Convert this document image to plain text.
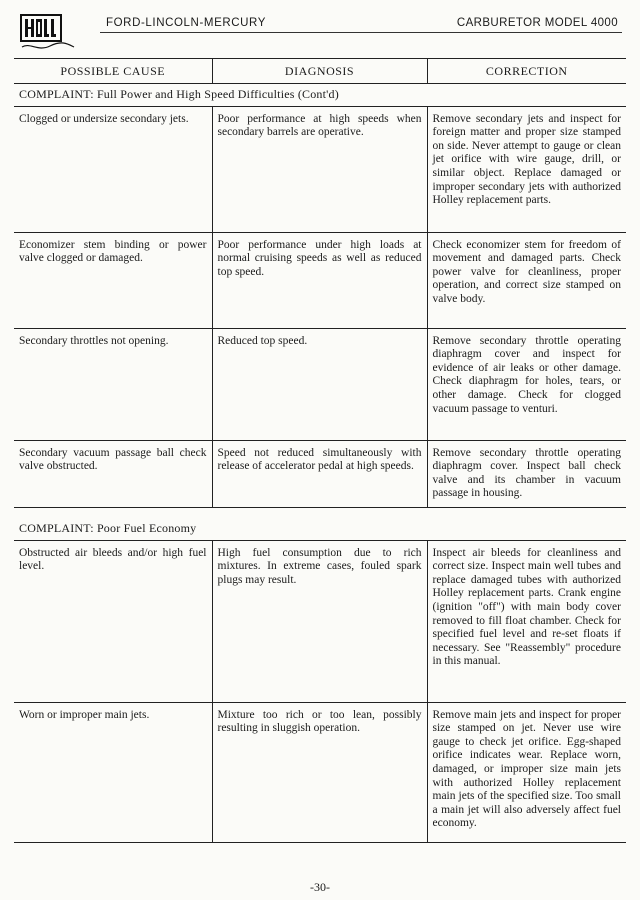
FORD-LINCOLN-MERCURY	CARBURETOR MODEL 4000
POSSIBLE CAUSE	DIAGNOSIS	CORRECTION
COMPLAINT: Full Power and High Speed Difficulties (Cont'd)		
Clogged or undersize secondary jets.	Poor performance at high speeds when secondary barrels are operative.	Remove secondary jets and inspect for foreign matter and proper size stamped on side. Never attempt to gauge or clean jet orifice with wire gauge, drill, or similar object. Replace damaged or improper secondary jets with authorized Holley replacement parts.
Economizer stem binding or power valve clogged or damaged.	Poor performance under high loads at normal cruising speeds as well as reduced top speed.	Check economizer stem for freedom of movement and damaged parts. Check power valve for cleanliness, proper operation, and correct size stamped on valve body.
Secondary throttles not opening.	Reduced top speed.	Remove secondary throttle operating diaphragm cover and inspect for evidence of air leaks or other damage. Check diaphragm for holes, tears, or other damage. Check for clogged vacuum passage to venturi.
Secondary vacuum passage ball check valve obstructed.	Speed not reduced simultaneously with release of accelerator pedal at high speeds.	Remove secondary throttle operating diaphragm cover. Inspect ball check valve and its chamber in vacuum passage in housing.
COMPLAINT: Poor Fuel Economy		
Obstructed air bleeds and/or high fuel level.	High fuel consumption due to rich mixtures. In extreme cases, fouled spark plugs may result.	Inspect air bleeds for cleanliness and correct size. Inspect main well tubes and replace damaged tubes with authorized Holley replacement parts. Crank engine (ignition "off") with main body cover removed to fill float chamber. Check for specified fuel level and re-set floats if necessary. See "Reassembly" procedure in this manual.
Worn or improper main jets.	Mixture too rich or too lean, possibly resulting in sluggish operation.	Remove main jets and inspect for proper size stamped on jet. Never use wire gauge to check jet orifice. Egg-shaped orifice indicates wear. Replace worn, damaged, or improper size main jets with authorized Holley replacement main jets of the specified size. Too small a main jet will also adversely affect fuel economy.
-30-
